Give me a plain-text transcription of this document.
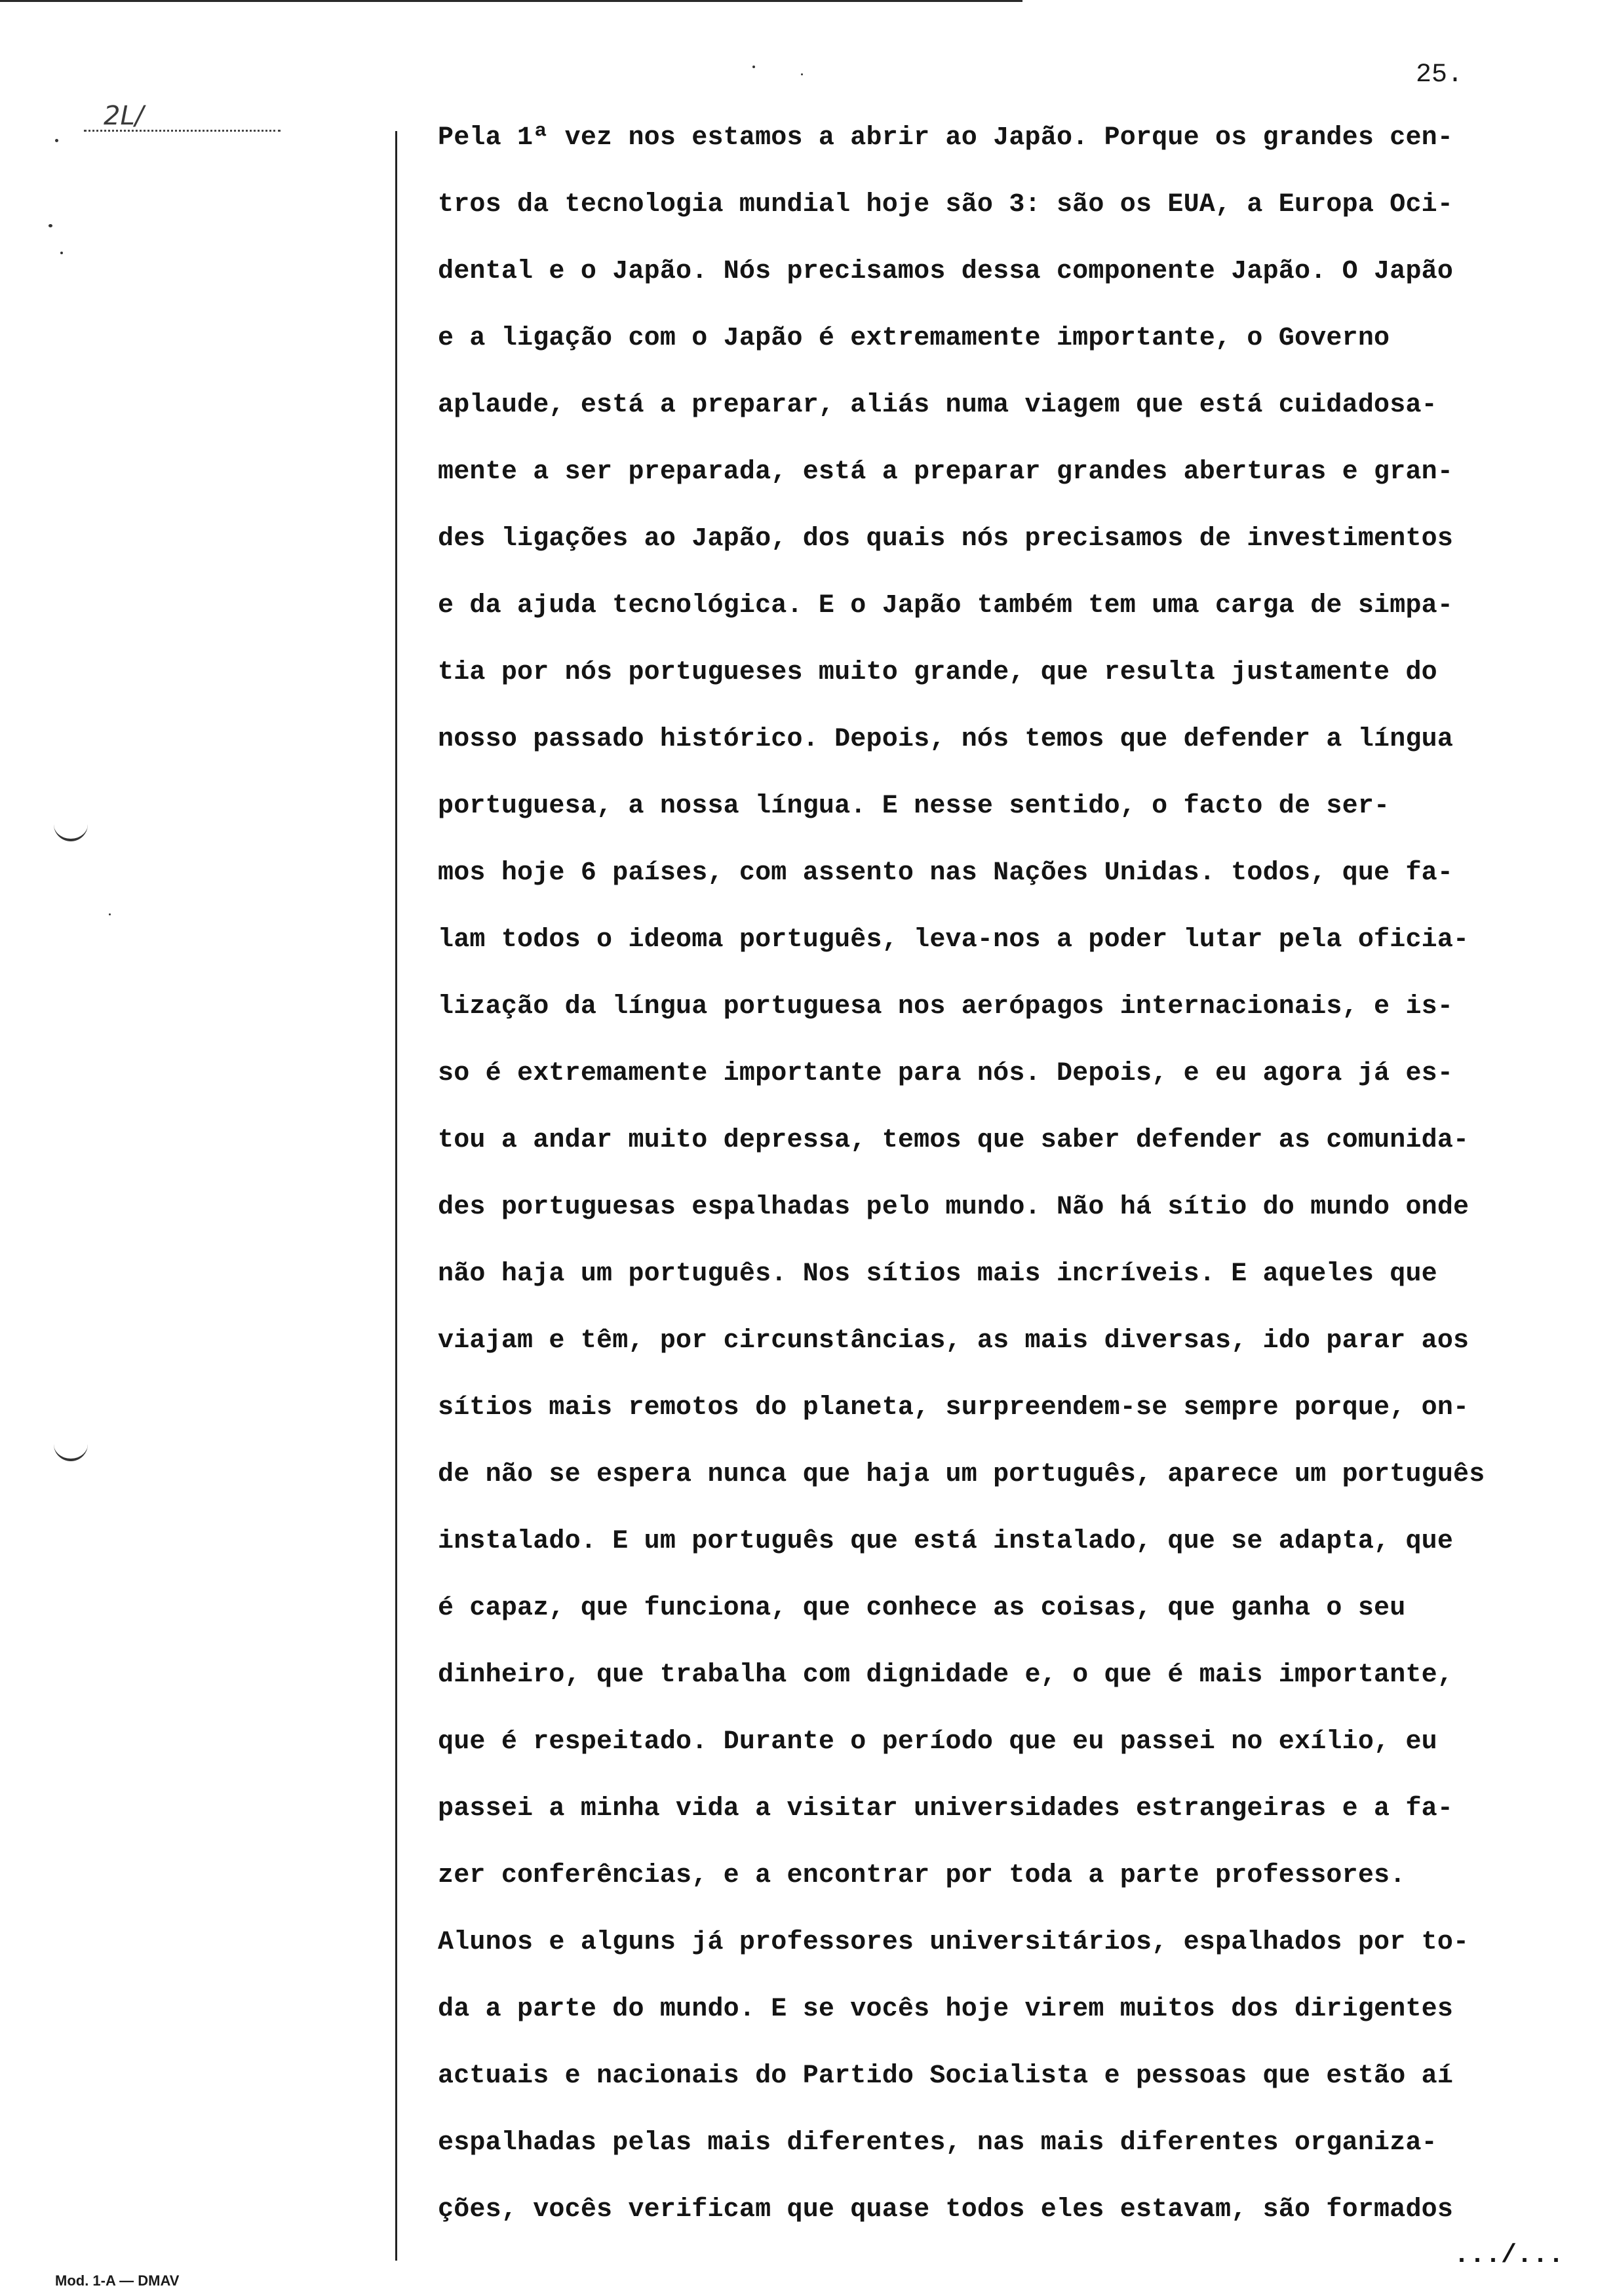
25.
2L/
Pela 1ª vez nos estamos a abrir ao Japão. Porque os grandes cen-
tros da tecnologia mundial hoje são 3: são os EUA, a Europa Oci-
dental e o Japão. Nós precisamos dessa componente Japão. O Japão
e a ligação com o Japão é extremamente importante, o Governo
aplaude, está a preparar, aliás numa viagem que está cuidadosa-
mente a ser preparada, está a preparar grandes aberturas e gran-
des ligações ao Japão, dos quais nós precisamos de investimentos
e da ajuda tecnológica. E o Japão também tem uma carga de simpa-
tia por nós portugueses muito grande, que resulta justamente do
nosso passado histórico. Depois, nós temos que defender a língua
portuguesa, a nossa língua. E nesse sentido, o facto de ser-
mos hoje 6 países, com assento nas Nações Unidas. todos, que fa-
lam todos o ideoma português, leva-nos a poder lutar pela oficia-
lização da língua portuguesa nos aerópagos internacionais, e is-
so é extremamente importante para nós. Depois, e eu agora já es-
tou a andar muito depressa, temos que saber defender as comunida-
des portuguesas espalhadas pelo mundo. Não há sítio do mundo onde
não haja um português. Nos sítios mais incríveis. E aqueles que
viajam e têm, por circunstâncias, as mais diversas, ido parar aos
sítios mais remotos do planeta, surpreendem-se sempre porque, on-
de não se espera nunca que haja um português, aparece um português
instalado. E um português que está instalado, que se adapta, que
é capaz, que funciona, que conhece as coisas, que ganha o seu
dinheiro, que trabalha com dignidade e, o que é mais importante,
que é respeitado. Durante o período que eu passei no exílio, eu
passei a minha vida a visitar universidades estrangeiras e a fa-
zer conferências, e a encontrar por toda a parte professores.
Alunos e alguns já professores universitários, espalhados por to-
da a parte do mundo. E se vocês hoje virem muitos dos dirigentes
actuais e nacionais do Partido Socialista e pessoas que estão aí
espalhadas pelas mais diferentes, nas mais diferentes organiza-
ções, vocês verificam que quase todos eles estavam, são formados
.../...
Mod. 1-A — DMAV
